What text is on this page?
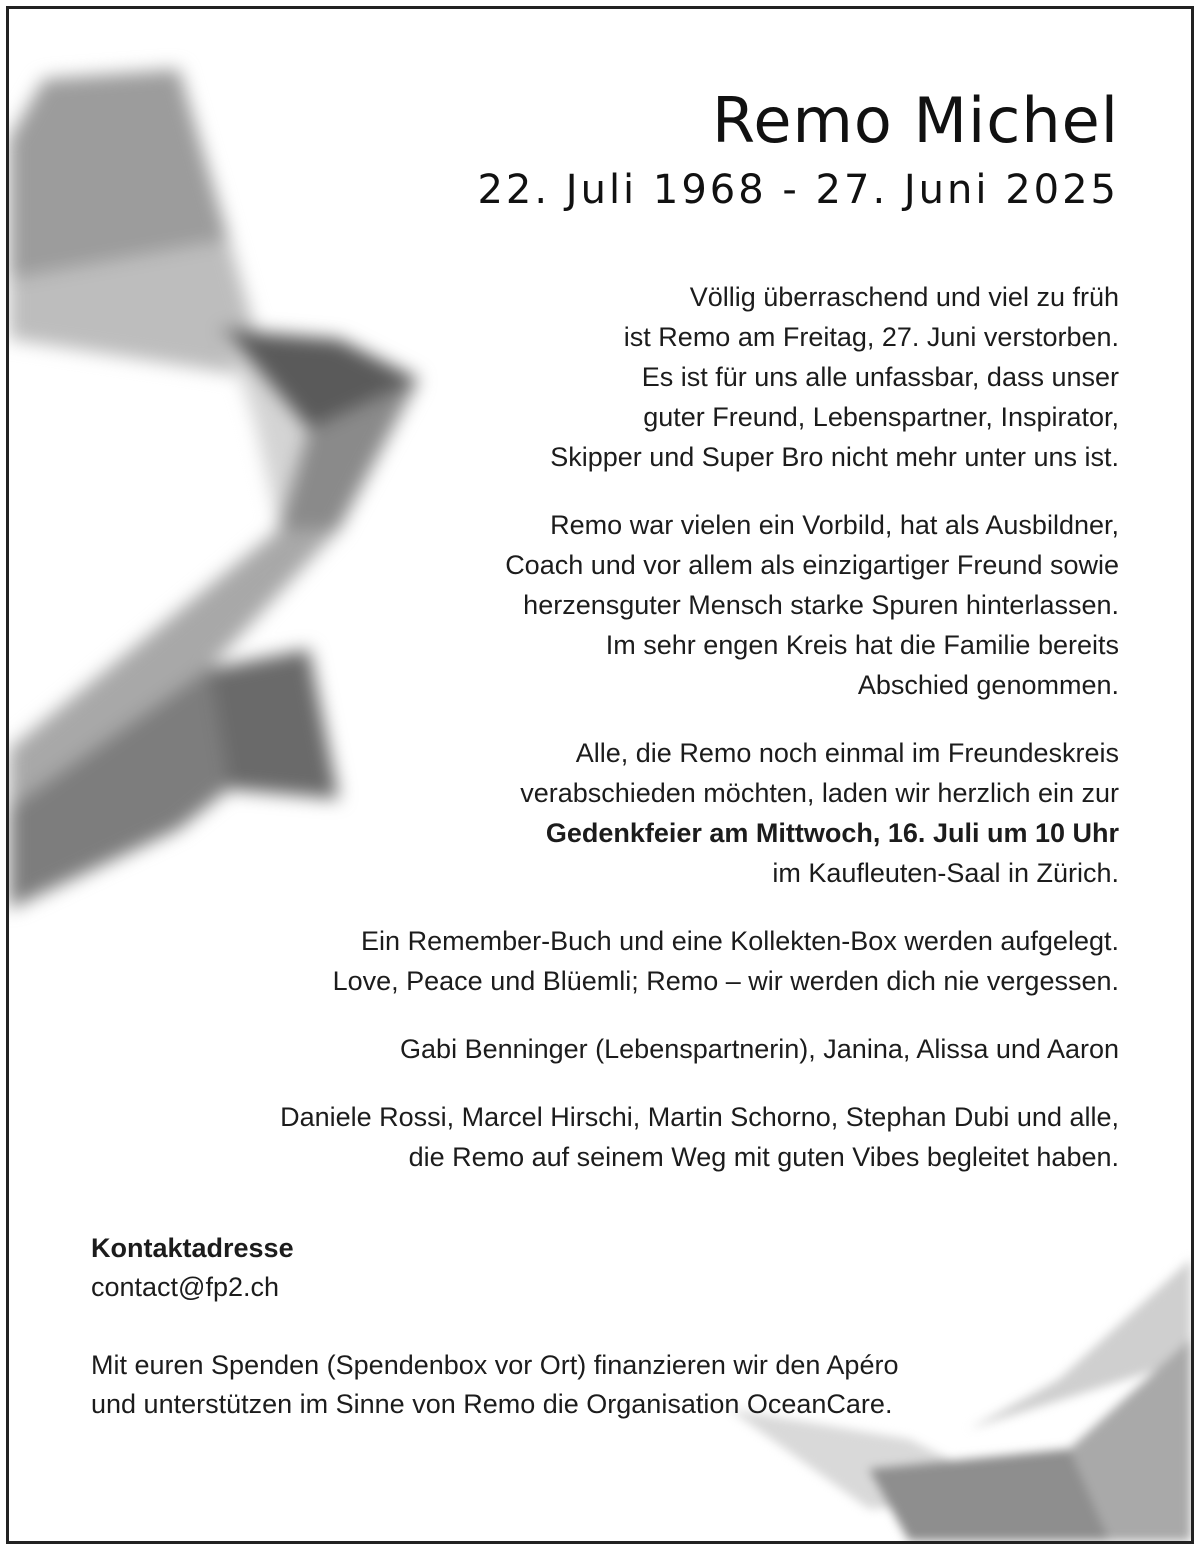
Remo Michel
22. Juli 1968 - 27. Juni 2025

Völlig überraschend und viel zu früh
ist Remo am Freitag, 27. Juni verstorben.
Es ist für uns alle unfassbar, dass unser
guter Freund, Lebenspartner, Inspirator,
Skipper und Super Bro nicht mehr unter uns ist.

Remo war vielen ein Vorbild, hat als Ausbildner,
Coach und vor allem als einzigartiger Freund sowie
herzensguter Mensch starke Spuren hinterlassen.
Im sehr engen Kreis hat die Familie bereits
Abschied genommen.

Alle, die Remo noch einmal im Freundeskreis
verabschieden möchten, laden wir herzlich ein zur
Gedenkfeier am Mittwoch, 16. Juli um 10 Uhr
im Kaufleuten-Saal in Zürich.

Ein Remember-Buch und eine Kollekten-Box werden aufgelegt.
Love, Peace und Blüemli; Remo – wir werden dich nie vergessen.

Gabi Benninger (Lebenspartnerin), Janina, Alissa und Aaron

Daniele Rossi, Marcel Hirschi, Martin Schorno, Stephan Dubi und alle,
die Remo auf seinem Weg mit guten Vibes begleitet haben.

Kontaktadresse
contact@fp2.ch
Mit euren Spenden (Spendenbox vor Ort) finanzieren wir den Apéro
und unterstützen im Sinne von Remo die Organisation OceanCare.
